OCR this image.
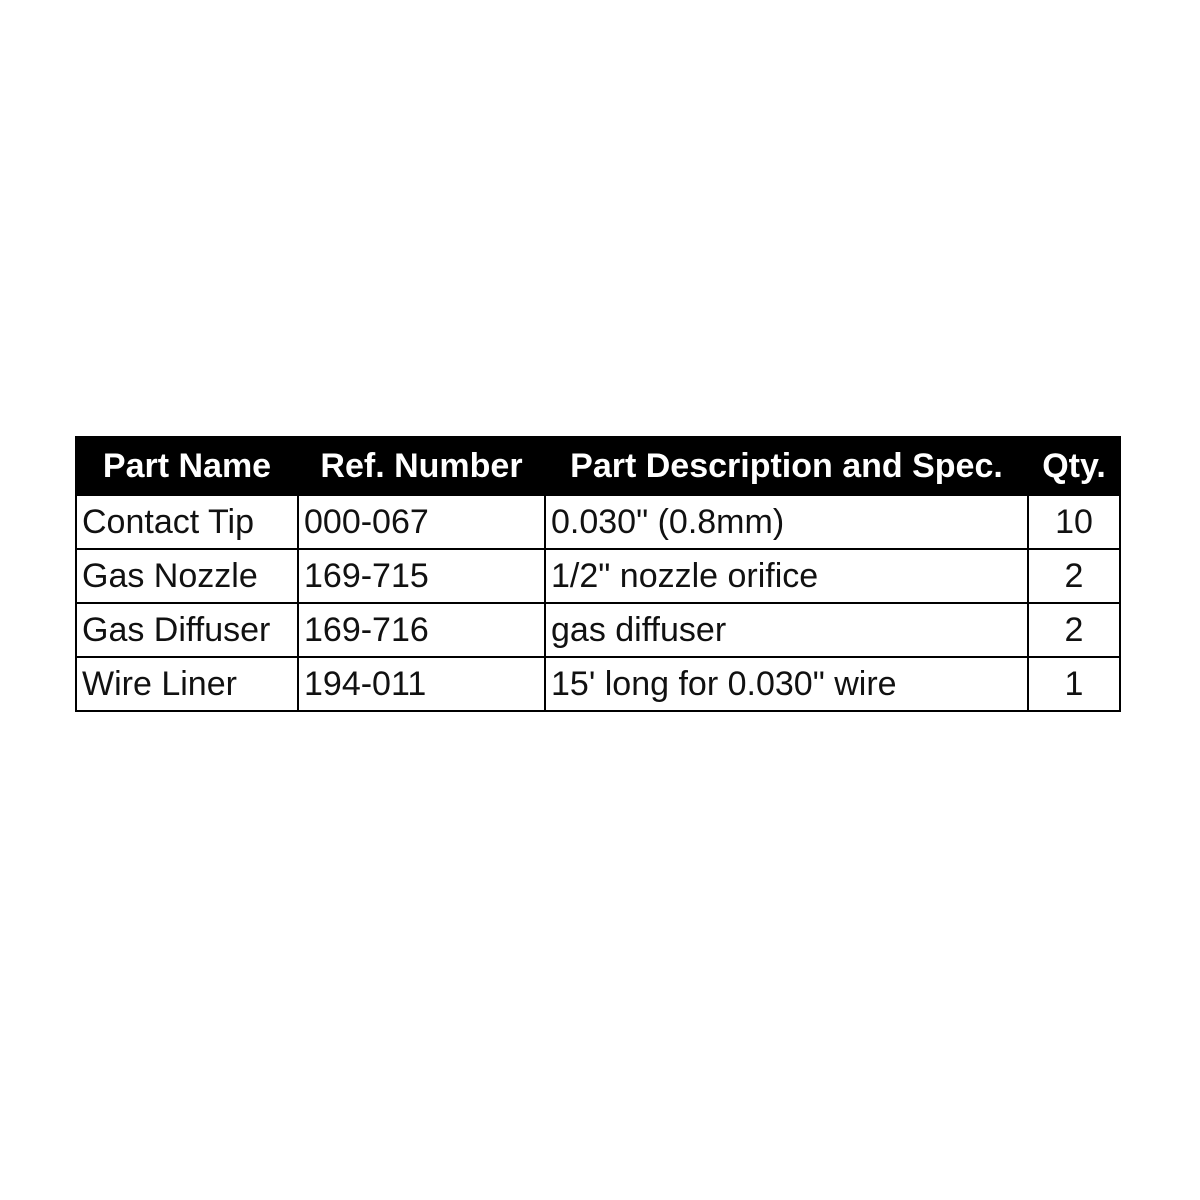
Part Name	Ref. Number	Part Description and Spec.	Qty.
Contact Tip	000-067	0.030" (0.8mm)	10
Gas Nozzle	169-715	1/2" nozzle orifice	2
Gas Diffuser	169-716	gas diffuser	2
Wire Liner	194-011	15' long for 0.030" wire	1
